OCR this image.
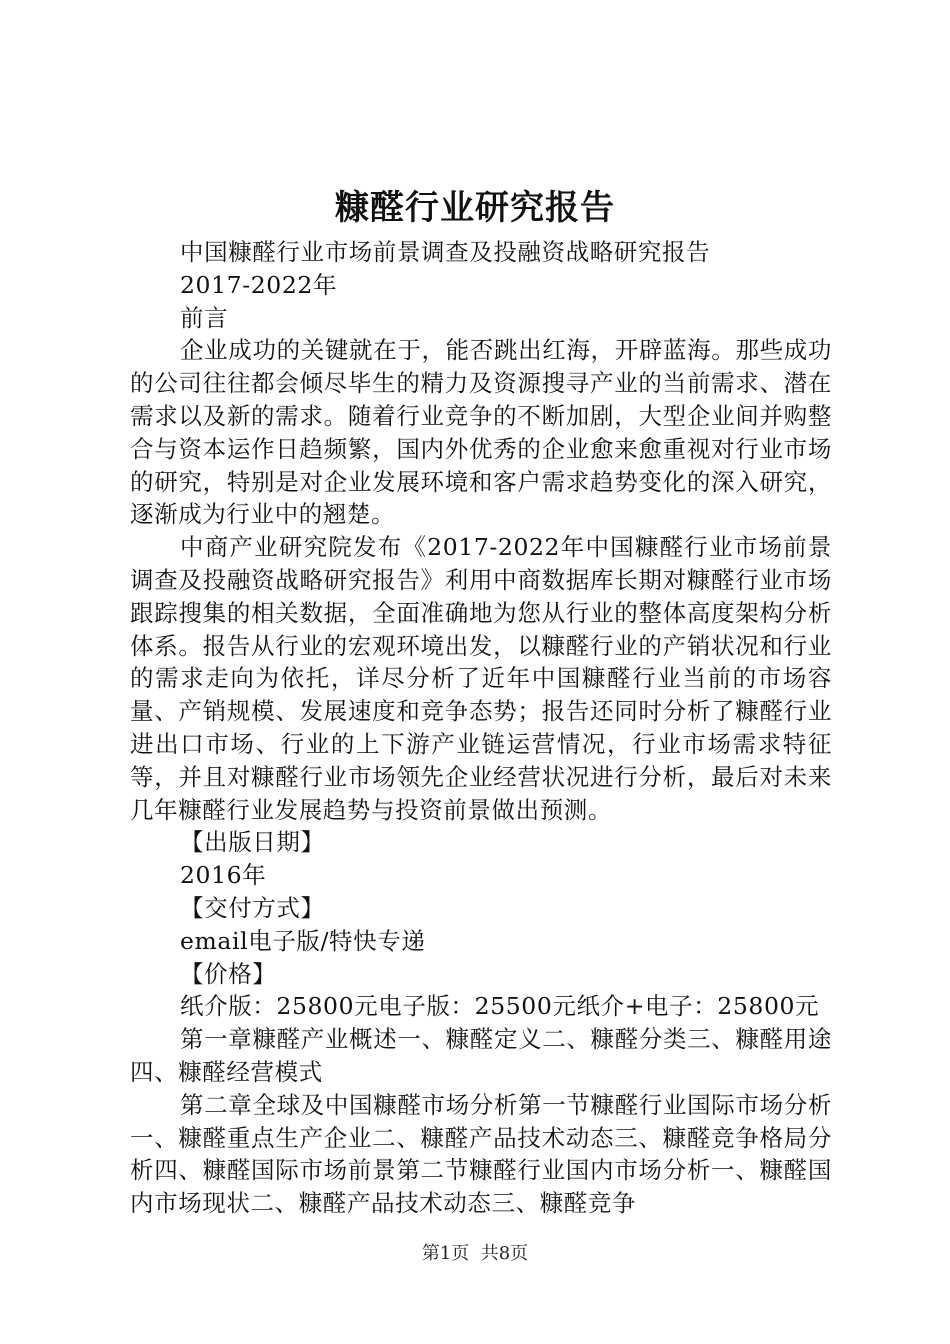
糠醛行业研究报告

中国糠醛行业市场前景调查及投融资战略研究报告

2017-2022年

前言

企业成功的关键就在于，能否跳出红海，开辟蓝海。那些成功的公司往往都会倾尽毕生的精力及资源搜寻产业的当前需求、潜在需求以及新的需求。随着行业竞争的不断加剧，大型企业间并购整合与资本运作日趋频繁，国内外优秀的企业愈来愈重视对行业市场的研究，特别是对企业发展环境和客户需求趋势变化的深入研究，逐渐成为行业中的翘楚。

中商产业研究院发布《2017-2022年中国糠醛行业市场前景调查及投融资战略研究报告》利用中商数据库长期对糠醛行业市场跟踪搜集的相关数据，全面准确地为您从行业的整体高度架构分析体系。报告从行业的宏观环境出发，以糠醛行业的产销状况和行业的需求走向为依托，详尽分析了近年中国糠醛行业当前的市场容量、产销规模、发展速度和竞争态势；报告还同时分析了糠醛行业进出口市场、行业的上下游产业链运营情况，行业市场需求特征等，并且对糠醛行业市场领先企业经营状况进行分析，最后对未来几年糠醛行业发展趋势与投资前景做出预测。

【出版日期】

2016年

【交付方式】

email电子版/特快专递

【价格】

纸介版：25800元电子版：25500元纸介+电子：25800元

第一章糠醛产业概述一、糠醛定义二、糠醛分类三、糠醛用途四、糠醛经营模式

第二章全球及中国糠醛市场分析第一节糠醛行业国际市场分析一、糠醛重点生产企业二、糠醛产品技术动态三、糠醛竞争格局分析四、糠醛国际市场前景第二节糠醛行业国内市场分析一、糠醛国内市场现状二、糠醛产品技术动态三、糠醛竞争

第1页  共8页
